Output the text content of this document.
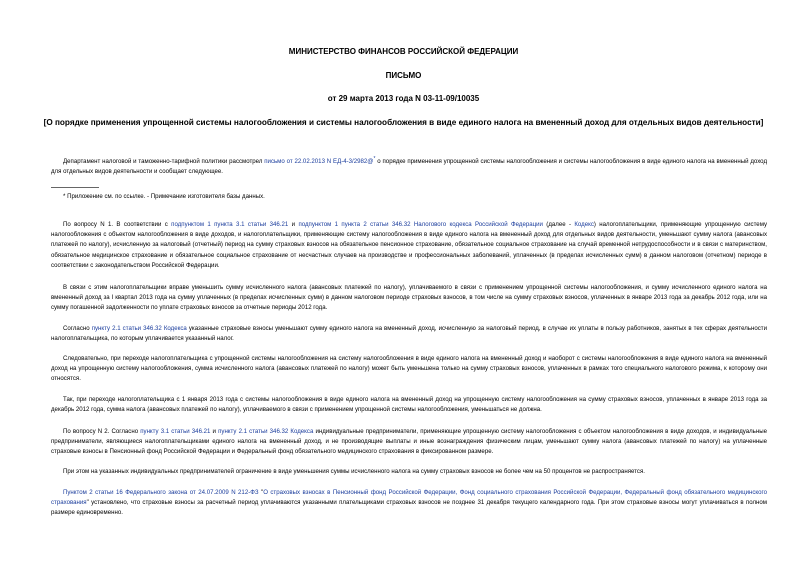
МИНИСТЕРСТВО ФИНАНСОВ РОССИЙСКОЙ ФЕДЕРАЦИИ
ПИСЬМО
от 29 марта 2013 года N 03-11-09/10035
[О порядке применения упрощенной системы налогообложения и системы налогообложения в виде единого налога на вмененный доход для отдельных видов деятельности]
Департамент налоговой и таможенно-тарифной политики рассмотрел письмо от 22.02.2013 N ЕД-4-3/2982@* о порядке применения упрощенной системы налогообложения и системы налогообложения в виде единого налога на вмененный доход для отдельных видов деятельности и сообщает следующее.
* Приложение см. по ссылке. - Примечание изготовителя базы данных.
По вопросу N 1. В соответствии с подпунктом 1 пункта 3.1 статьи 346.21 и подпунктом 1 пункта 2 статьи 346.32 Налогового кодекса Российской Федерации (далее - Кодекс) налогоплательщики, применяющие упрощенную систему налогообложения с объектом налогообложения в виде доходов, и налогоплательщики, применяющие систему налогообложения в виде единого налога на вмененный доход для отдельных видов деятельности, уменьшают сумму налога (авансовых платежей по налогу), исчисленную за налоговый (отчетный) период на сумму страховых взносов на обязательное пенсионное страхование, обязательное социальное страхование на случай временной нетрудоспособности и в связи с материнством, обязательное медицинское страхование и обязательное социальное страхование от несчастных случаев на производстве и профессиональных заболеваний, уплаченных (в пределах исчисленных сумм) в данном налоговом (отчетном) периоде в соответствии с законодательством Российской Федерации.
В связи с этим налогоплательщики вправе уменьшить сумму исчисленного налога (авансовых платежей по налогу), уплачиваемого в связи с применением упрощенной системы налогообложения, и сумму исчисленного единого налога на вмененный доход за I квартал 2013 года на сумму уплаченных (в пределах исчисленных сумм) в данном налоговом периоде страховых взносов, в том числе на сумму страховых взносов, уплаченных в январе 2013 года за декабрь 2012 года, или на сумму погашенной задолженности по уплате страховых взносов за отчетные периоды 2012 года.
Согласно пункту 2.1 статьи 346.32 Кодекса указанные страховые взносы уменьшают сумму единого налога на вмененный доход, исчисленную за налоговый период, в случае их уплаты в пользу работников, занятых в тех сферах деятельности налогоплательщика, по которым уплачивается указанный налог.
Следовательно, при переходе налогоплательщика с упрощенной системы налогообложения на систему налогообложения в виде единого налога на вмененный доход и наоборот с системы налогообложения в виде единого налога на вмененный доход на упрощенную систему налогообложения, сумма исчисленного налога (авансовых платежей по налогу) может быть уменьшена только на сумму страховых взносов, уплаченных в рамках того специального налогового режима, к которому они относятся.
Так, при переходе налогоплательщика с 1 января 2013 года с системы налогообложения в виде единого налога на вмененный доход на упрощенную систему налогообложения на сумму страховых взносов, уплаченных в январе 2013 года за декабрь 2012 года, сумма налога (авансовых платежей по налогу), уплачиваемого в связи с применением упрощенной системы налогообложения, уменьшаться не должна.
По вопросу N 2. Согласно пункту 3.1 статьи 346.21 и пункту 2.1 статьи 346.32 Кодекса индивидуальные предприниматели, применяющие упрощенную систему налогообложения с объектом налогообложения в виде доходов, и индивидуальные предприниматели, являющиеся налогоплательщиками единого налога на вмененный доход, и не производящие выплаты и иные вознаграждения физическим лицам, уменьшают сумму налога (авансовых платежей по налогу) на уплаченные страховые взносы в Пенсионный фонд Российской Федерации и Федеральный фонд обязательного медицинского страхования в фиксированном размере.
При этом на указанных индивидуальных предпринимателей ограничение в виде уменьшения суммы исчисленного налога на сумму страховых взносов не более чем на 50 процентов не распространяется.
Пунктом 2 статьи 16 Федерального закона от 24.07.2009 N 212-ФЗ "О страховых взносах в Пенсионный фонд Российской Федерации, Фонд социального страхования Российской Федерации, Федеральный фонд обязательного медицинского страхования" установлено, что страховые взносы за расчетный период уплачиваются указанными плательщиками страховых взносов не позднее 31 декабря текущего календарного года. При этом страховые взносы могут уплачиваться в полном размере единовременно.
